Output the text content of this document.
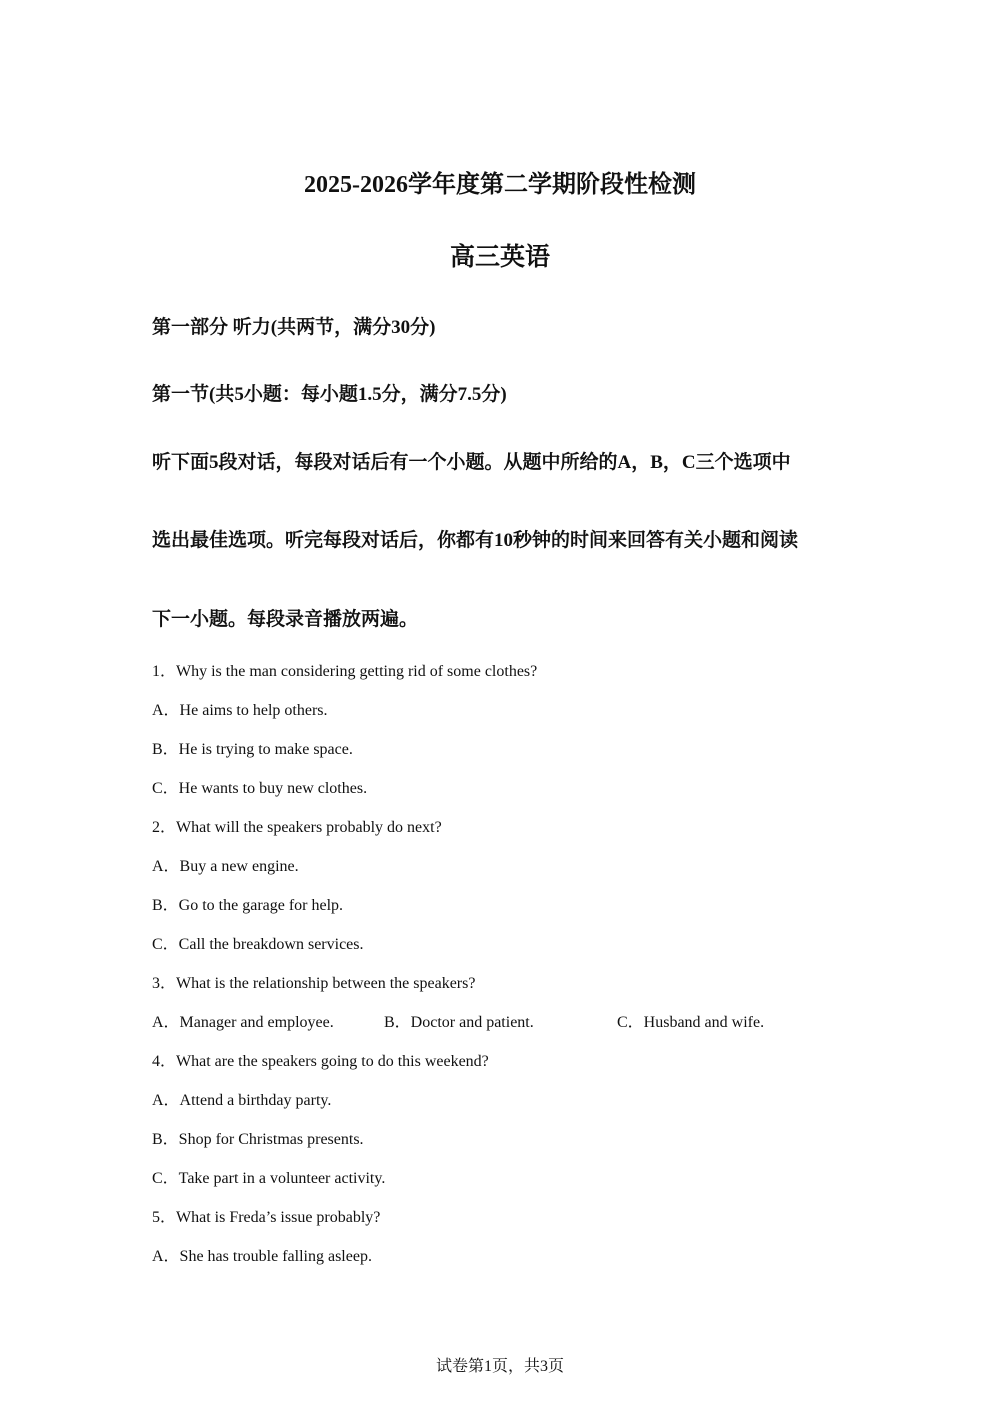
2025-2026学年度第二学期阶段性检测
高三英语
第一部分 听力(共两节，满分30分)
第一节(共5小题：每小题1.5分，满分7.5分)
听下面5段对话，每段对话后有一个小题。从题中所给的A，B，C三个选项中
选出最佳选项。听完每段对话后，你都有10秒钟的时间来回答有关小题和阅读
下一小题。每段录音播放两遍。
1．Why is the man considering getting rid of some clothes?
A．He aims to help others.
B．He is trying to make space.
C．He wants to buy new clothes.
2．What will the speakers probably do next?
A．Buy a new engine.
B．Go to the garage for help.
C．Call the breakdown services.
3．What is the relationship between the speakers?
A．Manager and employee.	B．Doctor and patient.	C．Husband and wife.
4．What are the speakers going to do this weekend?
A．Attend a birthday party.
B．Shop for Christmas presents.
C．Take part in a volunteer activity.
5．What is Freda’s issue probably?
A．She has trouble falling asleep.
试卷第1页，共3页
